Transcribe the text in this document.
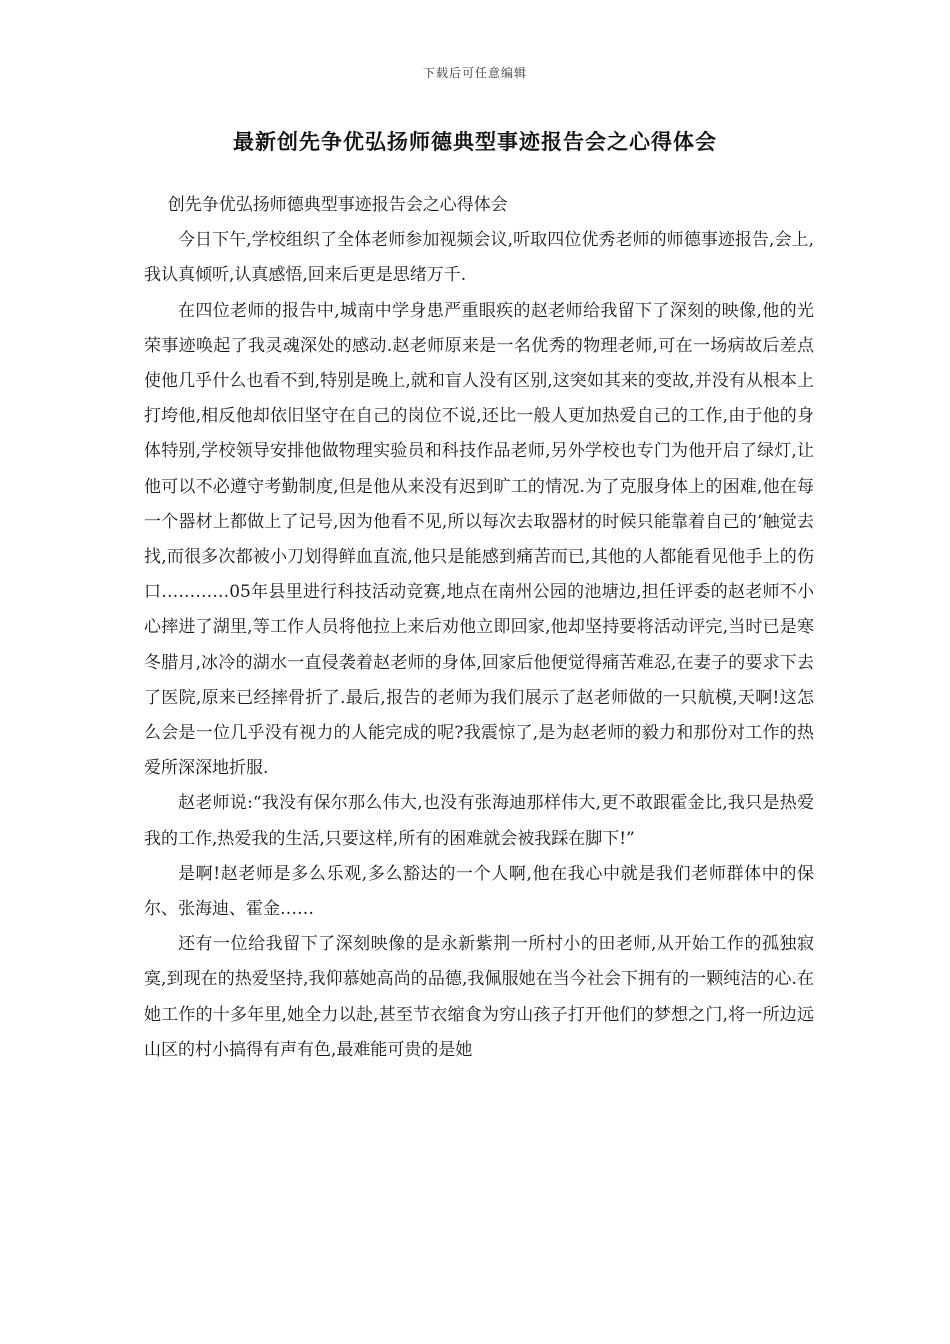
下载后可任意编辑
最新创先争优弘扬师德典型事迹报告会之心得体会

创先争优弘扬师德典型事迹报告会之心得体会

今日下午,学校组织了全体老师参加视频会议,听取四位优秀老师的师德事迹报告,会上,我认真倾听,认真感悟,回来后更是思绪万千.

在四位老师的报告中,城南中学身患严重眼疾的赵老师给我留下了深刻的映像,他的光荣事迹唤起了我灵魂深处的感动.赵老师原来是一名优秀的物理老师,可在一场病故后差点使他几乎什么也看不到,特别是晚上,就和盲人没有区别,这突如其来的变故,并没有从根本上打垮他,相反他却依旧坚守在自己的岗位不说,还比一般人更加热爱自己的工作,由于他的身体特别,学校领导安排他做物理实验员和科技作品老师,另外学校也专门为他开启了绿灯,让他可以不必遵守考勤制度,但是他从来没有迟到旷工的情况.为了克服身体上的困难,他在每一个器材上都做上了记号,因为他看不见,所以每次去取器材的时候只能靠着自己的’触觉去找,而很多次都被小刀划得鲜血直流,他只是能感到痛苦而已,其他的人都能看见他手上的伤口…………05年县里进行科技活动竞赛,地点在南州公园的池塘边,担任评委的赵老师不小心摔进了湖里,等工作人员将他拉上来后劝他立即回家,他却坚持要将活动评完,当时已是寒冬腊月,冰冷的湖水一直侵袭着赵老师的身体,回家后他便觉得痛苦难忍,在妻子的要求下去了医院,原来已经摔骨折了.最后,报告的老师为我们展示了赵老师做的一只航模,天啊!这怎么会是一位几乎没有视力的人能完成的呢?我震惊了,是为赵老师的毅力和那份对工作的热爱所深深地折服.

赵老师说:“我没有保尔那么伟大,也没有张海迪那样伟大,更不敢跟霍金比,我只是热爱我的工作,热爱我的生活,只要这样,所有的困难就会被我踩在脚下!”

是啊!赵老师是多么乐观,多么豁达的一个人啊,他在我心中就是我们老师群体中的保尔、张海迪、霍金……

还有一位给我留下了深刻映像的是永新紫荆一所村小的田老师,从开始工作的孤独寂寞,到现在的热爱坚持,我仰慕她高尚的品德,我佩服她在当今社会下拥有的一颗纯洁的心.在她工作的十多年里,她全力以赴,甚至节衣缩食为穷山孩子打开他们的梦想之门,将一所边远山区的村小搞得有声有色,最难能可贵的是她
